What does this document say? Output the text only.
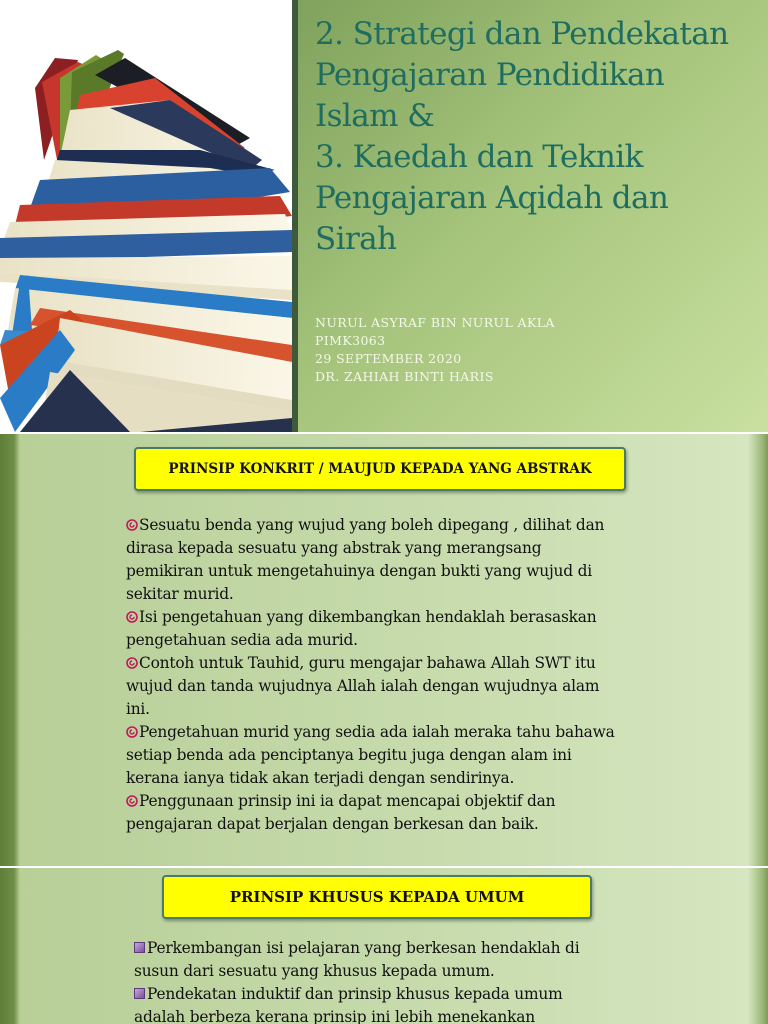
2. Strategi dan Pendekatan
Pengajaran Pendidikan
Islam &
3. Kaedah dan Teknik
Pengajaran Aqidah dan
Sirah
NURUL ASYRAF BIN NURUL AKLA
PIMK3063
29 SEPTEMBER 2020
DR. ZAHIAH BINTI HARIS
PRINSIP KONKRIT / MAUJUD KEPADA YANG ABSTRAK
Sesuatu benda yang wujud yang boleh dipegang , dilihat dan
dirasa kepada sesuatu yang abstrak yang merangsang
pemikiran untuk mengetahuinya dengan bukti yang wujud di
sekitar murid.
Isi pengetahuan yang dikembangkan hendaklah berasaskan
pengetahuan sedia ada murid.
Contoh untuk Tauhid, guru mengajar bahawa Allah SWT itu
wujud dan tanda wujudnya Allah ialah dengan wujudnya alam
ini.
Pengetahuan murid yang sedia ada ialah meraka tahu bahawa
setiap benda ada penciptanya begitu juga dengan alam ini
kerana ianya tidak akan terjadi dengan sendirinya.
Penggunaan prinsip ini ia dapat mencapai objektif dan
pengajaran dapat berjalan dengan berkesan dan baik.
PRINSIP KHUSUS KEPADA UMUM
Perkembangan isi pelajaran yang berkesan hendaklah di
susun dari sesuatu yang khusus kepada umum.
Pendekatan induktif dan prinsip khusus kepada umum
adalah berbeza kerana prinsip ini lebih menekankan
